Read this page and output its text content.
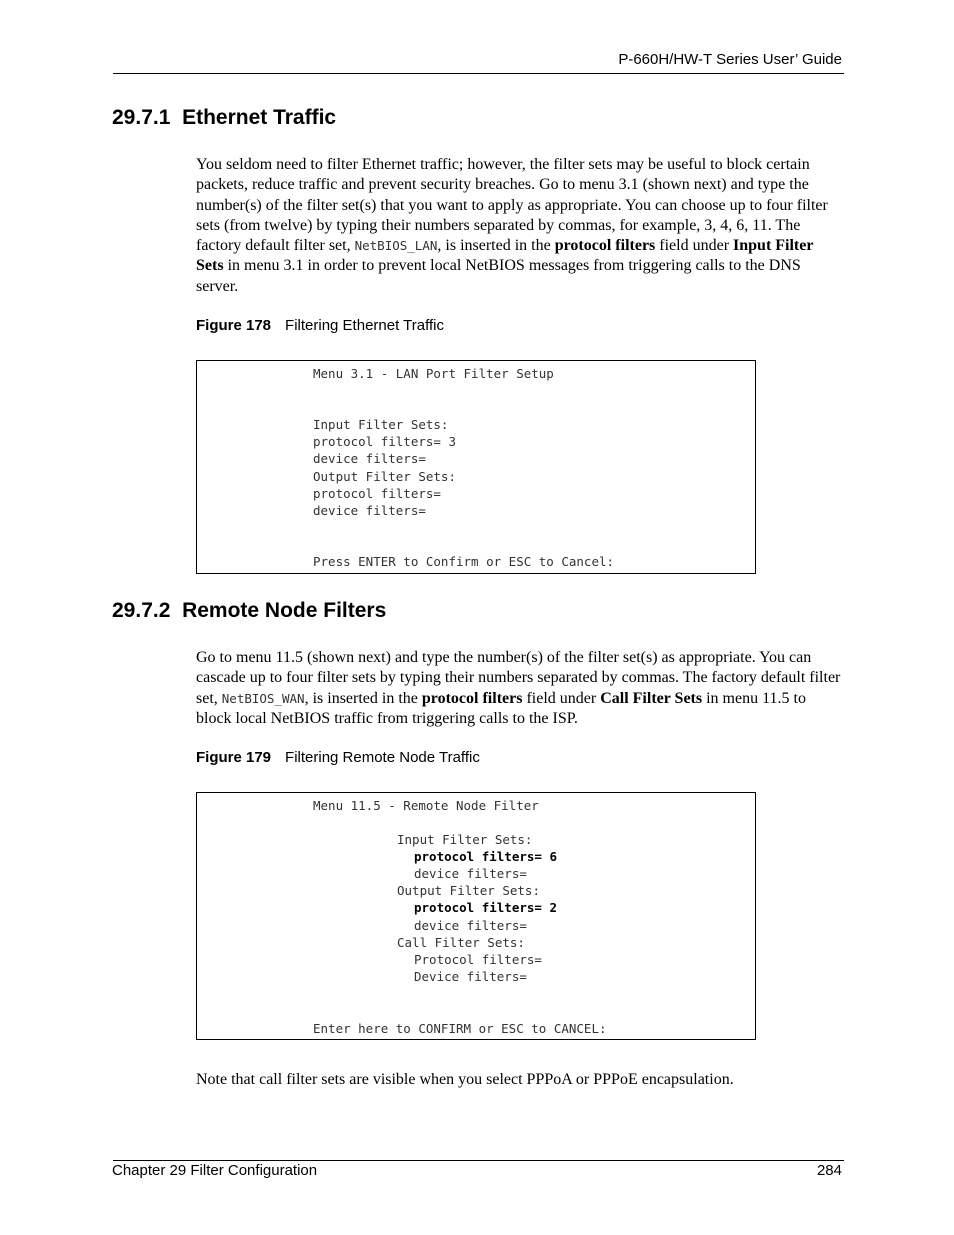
P-660H/HW-T Series User’ Guide
29.7.1 Ethernet Traffic
You seldom need to filter Ethernet traffic; however, the filter sets may be useful to block certain packets, reduce traffic and prevent security breaches. Go to menu 3.1 (shown next) and type the number(s) of the filter set(s) that you want to apply as appropriate. You can choose up to four filter sets (from twelve) by typing their numbers separated by commas, for example, 3, 4, 6, 11. The factory default filter set, NetBIOS_LAN, is inserted in the protocol filters field under Input Filter Sets in menu 3.1 in order to prevent local NetBIOS messages from triggering calls to the DNS server.
Figure 178 Filtering Ethernet Traffic
Menu 3.1 - LAN Port Filter Setup
Input Filter Sets:
protocol filters= 3
device filters=
Output Filter Sets:
protocol filters=
device filters=
Press ENTER to Confirm or ESC to Cancel:
29.7.2 Remote Node Filters
Go to menu 11.5 (shown next) and type the number(s) of the filter set(s) as appropriate. You can cascade up to four filter sets by typing their numbers separated by commas. The factory default filter set, NetBIOS_WAN, is inserted in the protocol filters field under Call Filter Sets in menu 11.5 to block local NetBIOS traffic from triggering calls to the ISP.
Figure 179 Filtering Remote Node Traffic
Menu 11.5 - Remote Node Filter
Input Filter Sets:
protocol filters= 6
device filters=
Output Filter Sets:
protocol filters= 2
device filters=
Call Filter Sets:
Protocol filters=
Device filters=
Enter here to CONFIRM or ESC to CANCEL:
Note that call filter sets are visible when you select PPPoA or PPPoE encapsulation.
Chapter 29 Filter Configuration	284
